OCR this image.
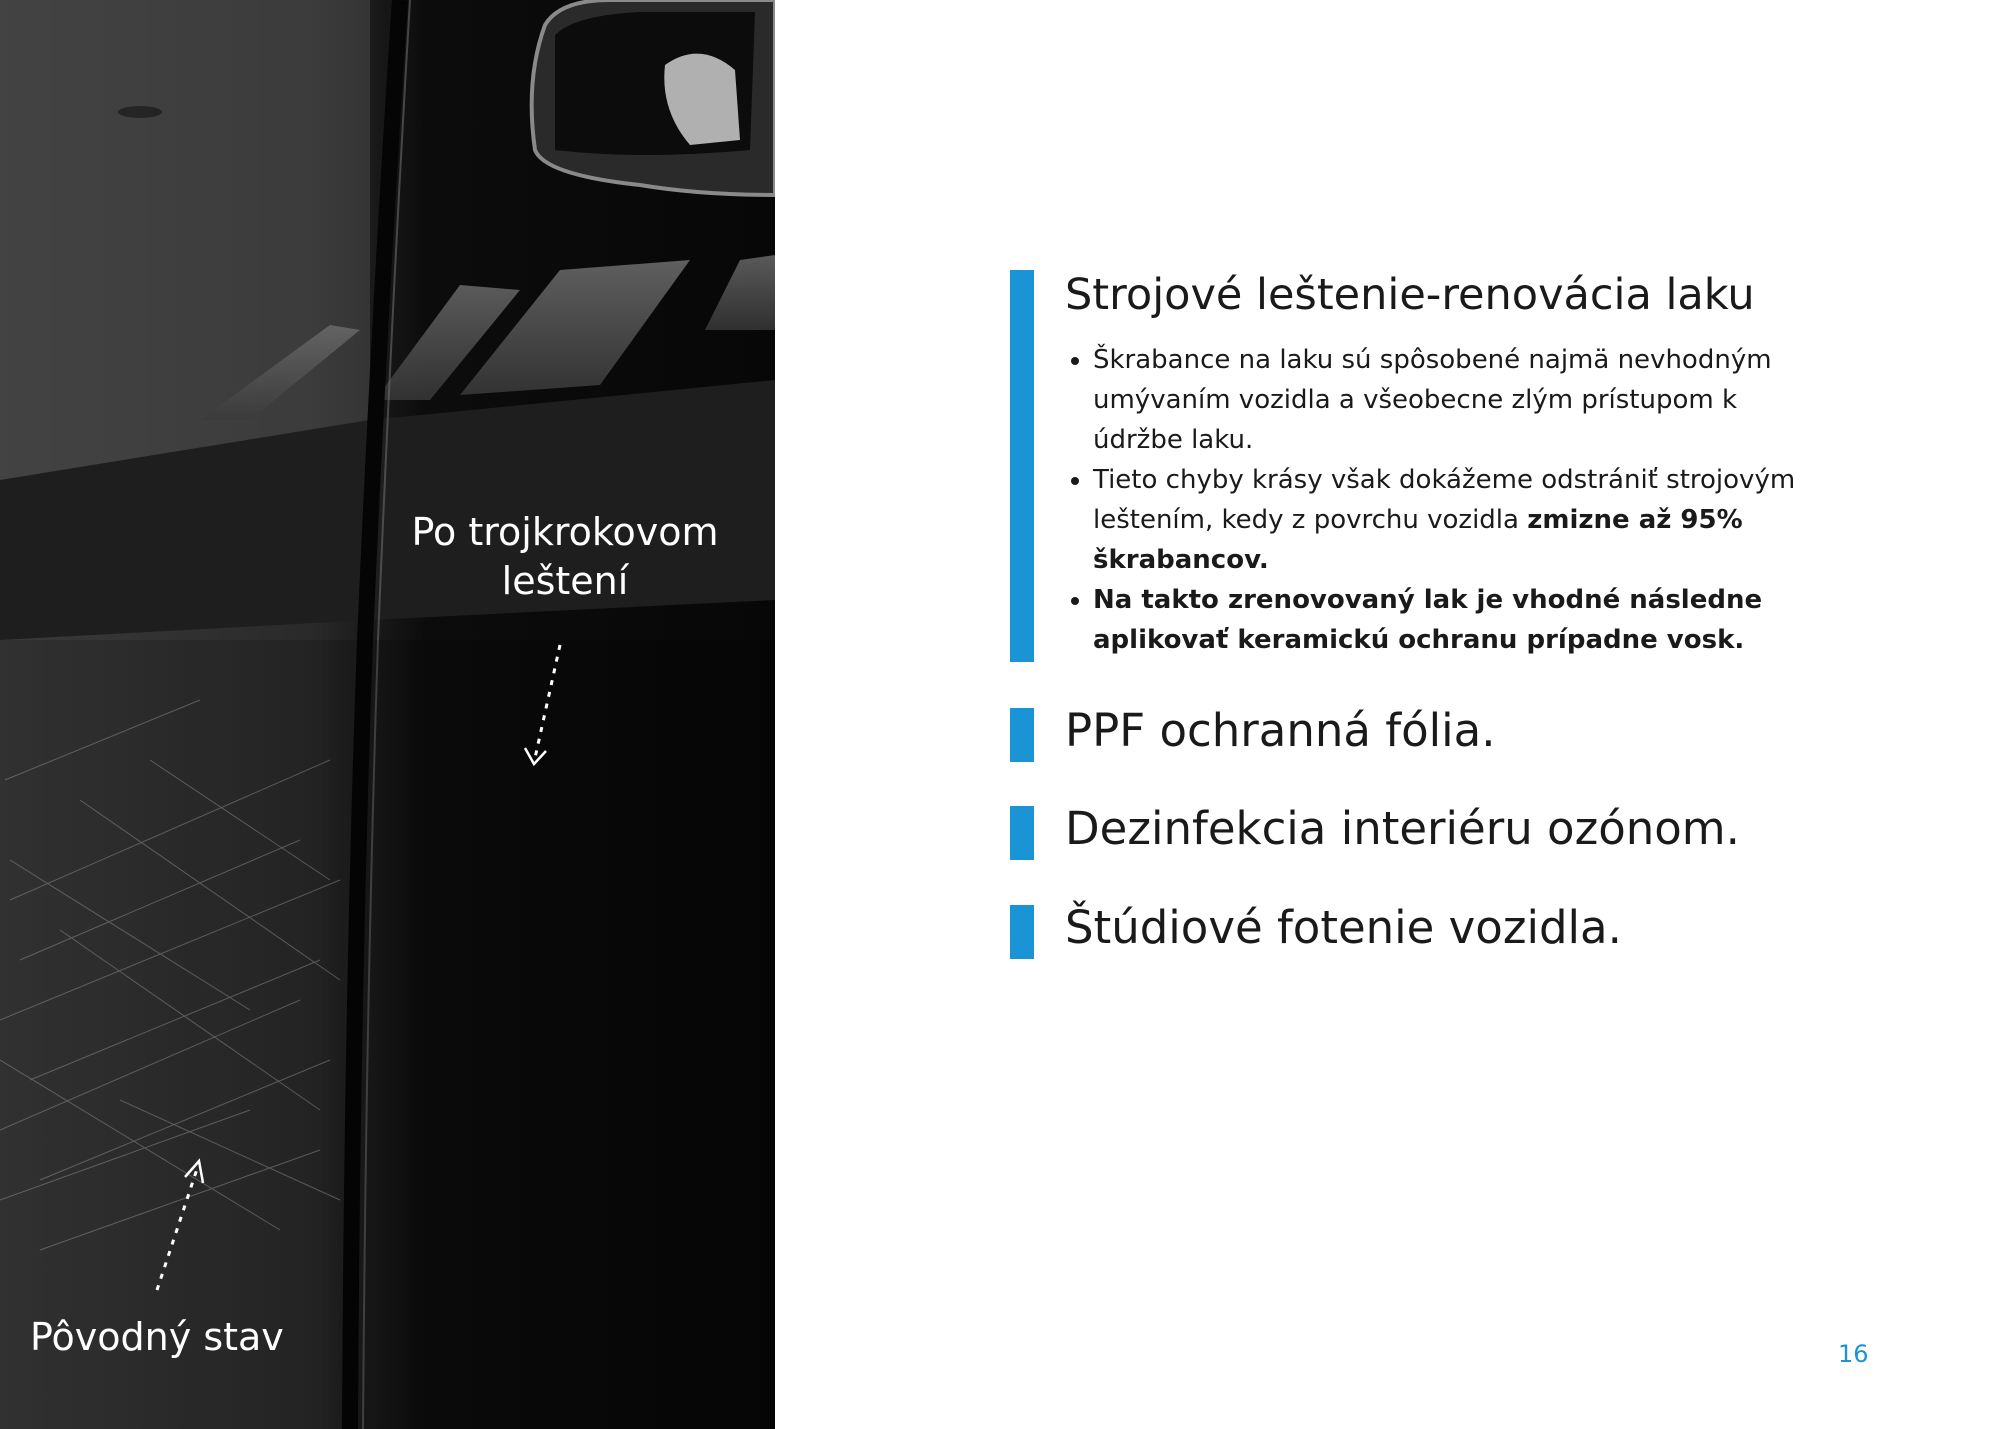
Po trojkrokovom
leštení
Pôvodný stav
Strojové leštenie-renovácia laku
• Škrabance na laku sú spôsobené najmä nevhodným umývaním vozidla a všeobecne zlým prístupom k údržbe laku.
• Tieto chyby krásy však dokážeme odstrániť strojovým leštením, kedy z povrchu vozidla zmizne až 95% škrabancov.
• Na takto zrenovovaný lak je vhodné následne aplikovať keramickú ochranu prípadne vosk.
PPF ochranná fólia.
Dezinfekcia interiéru ozónom.
Štúdiové fotenie vozidla.
16
